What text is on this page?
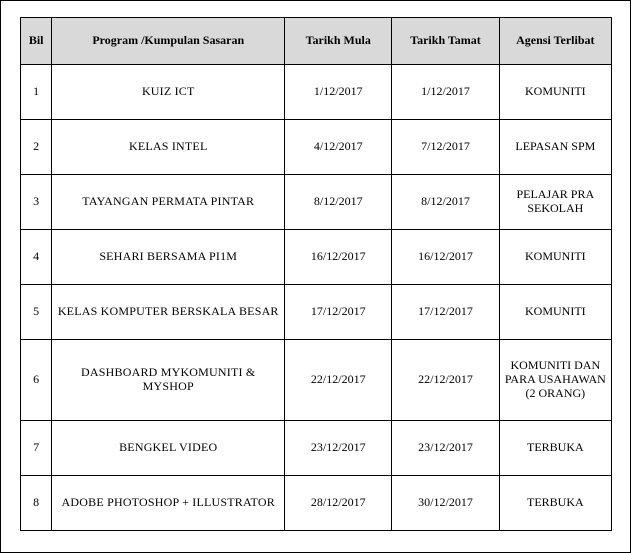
Bil	Program /Kumpulan Sasaran	Tarikh Mula	Tarikh Tamat	Agensi Terlibat
1	KUIZ ICT	1/12/2017	1/12/2017	KOMUNITI
2	KELAS INTEL	4/12/2017	7/12/2017	LEPASAN SPM
3	TAYANGAN PERMATA PINTAR	8/12/2017	8/12/2017	PELAJAR PRA SEKOLAH
4	SEHARI BERSAMA PI1M	16/12/2017	16/12/2017	KOMUNITI
5	KELAS KOMPUTER BERSKALA BESAR	17/12/2017	17/12/2017	KOMUNITI
6	DASHBOARD MYKOMUNITI & MYSHOP	22/12/2017	22/12/2017	KOMUNITI DAN PARA USAHAWAN (2 ORANG)
7	BENGKEL VIDEO	23/12/2017	23/12/2017	TERBUKA
8	ADOBE PHOTOSHOP + ILLUSTRATOR	28/12/2017	30/12/2017	TERBUKA
